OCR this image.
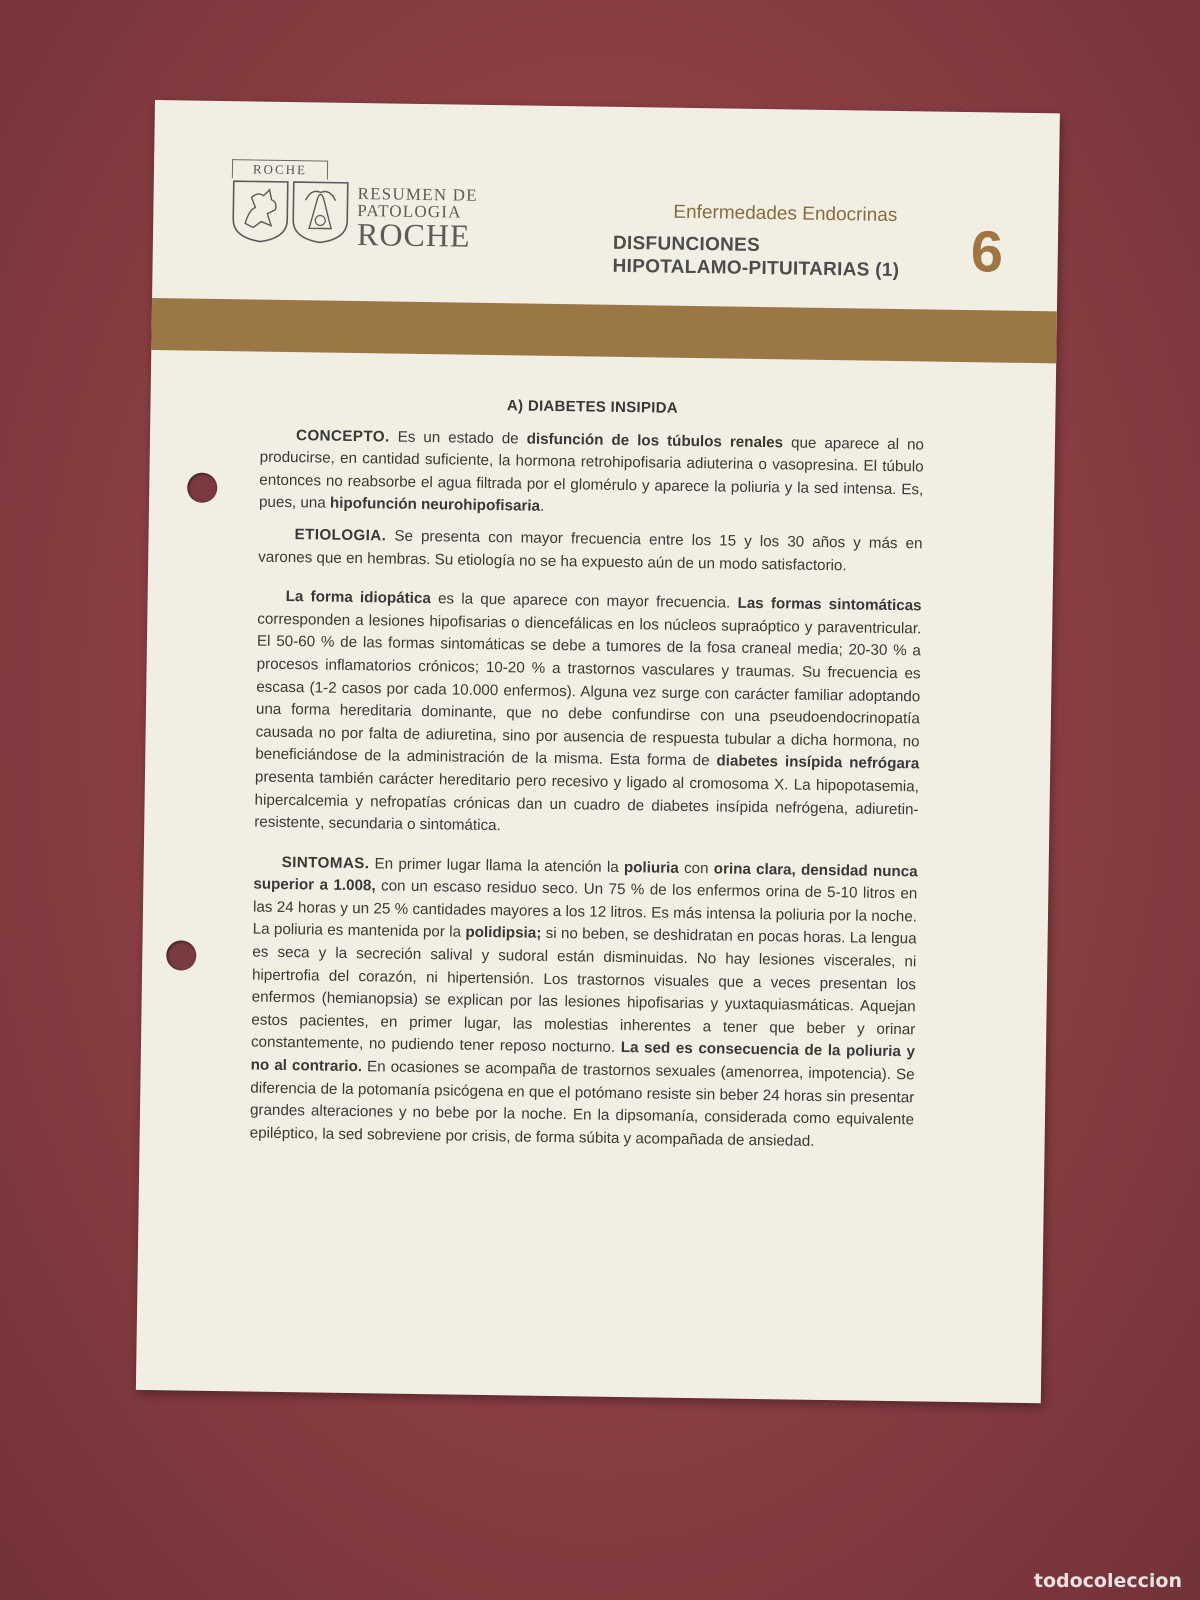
ROCHE
RESUMEN DE
PATOLOGIA
ROCHE
Enfermedades Endocrinas
DISFUNCIONES
HIPOTALAMO-PITUITARIAS (1) 6
A) DIABETES INSIPIDA

CONCEPTO. Es un estado de disfunción de los túbulos renales que aparece al no producirse, en cantidad suficiente, la hormona retrohipofisaria adiuterina o vasopresina. El túbulo entonces no reabsorbe el agua filtrada por el glomérulo y aparece la poliuria y la sed intensa. Es, pues, una hipofunción neurohipofisaria.

ETIOLOGIA. Se presenta con mayor frecuencia entre los 15 y los 30 años y más en varones que en hembras. Su etiología no se ha expuesto aún de un modo satisfactorio.

La forma idiopática es la que aparece con mayor frecuencia. Las formas sintomáticas corresponden a lesiones hipofisarias o diencefálicas en los núcleos supraóptico y paraventricular. El 50-60 % de las formas sintomáticas se debe a tumores de la fosa craneal media; 20-30 % a procesos inflamatorios crónicos; 10-20 % a trastornos vasculares y traumas. Su frecuencia es escasa (1-2 casos por cada 10.000 enfermos). Alguna vez surge con carácter familiar adoptando una forma hereditaria dominante, que no debe confundirse con una pseudoendocrinopatía causada no por falta de adiuretina, sino por ausencia de respuesta tubular a dicha hormona, no beneficiándose de la administración de la misma. Esta forma de diabetes insípida nefrógara presenta también carácter hereditario pero recesivo y ligado al cromosoma X. La hipopotasemia, hipercalcemia y nefropatías crónicas dan un cuadro de diabetes insípida nefrógena, adiuretin-resistente, secundaria o sintomática.

SINTOMAS. En primer lugar llama la atención la poliuria con orina clara, densidad nunca superior a 1.008, con un escaso residuo seco. Un 75 % de los enfermos orina de 5-10 litros en las 24 horas y un 25 % cantidades mayores a los 12 litros. Es más intensa la poliuria por la noche. La poliuria es mantenida por la polidipsia; si no beben, se deshidratan en pocas horas. La lengua es seca y la secreción salival y sudoral están disminuidas. No hay lesiones viscerales, ni hipertrofia del corazón, ni hipertensión. Los trastornos visuales que a veces presentan los enfermos (hemianopsia) se explican por las lesiones hipofisarias y yuxtaquiasmáticas. Aquejan estos pacientes, en primer lugar, las molestias inherentes a tener que beber y orinar constantemente, no pudiendo tener reposo nocturno. La sed es consecuencia de la poliuria y no al contrario. En ocasiones se acompaña de trastornos sexuales (amenorrea, impotencia). Se diferencia de la potomanía psicógena en que el potómano resiste sin beber 24 horas sin presentar grandes alteraciones y no bebe por la noche. En la dipsomanía, considerada como equivalente epiléptico, la sed sobreviene por crisis, de forma súbita y acompañada de ansiedad.

todocoleccion
